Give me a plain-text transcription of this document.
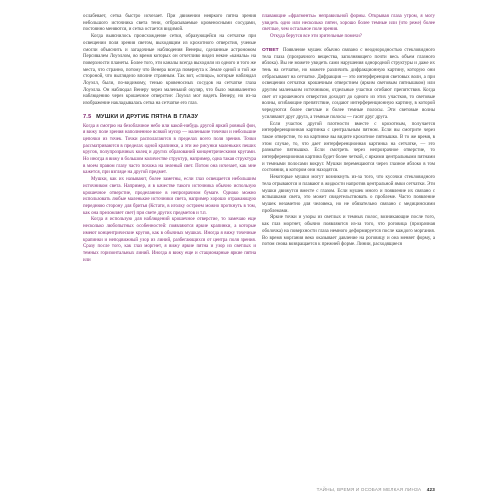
ослабевает, сетка быстро исчезает. При движении неяркого пятна зрения небольшого источника света тени, отбрасываемые кровеносными сосудами, постоянно меняются, и сетка остается видимой.

Когда выяснилось происхождение сетки, образующейся на сетчатке при освещении поля зрения светом, выходящим из крохотного отверстия, ученые смогли объяснить и загадочные наблюдения Венеры, сделанные астрономом Персивалем Лоуэллом, во время которых он отчетливо видел некие «каналы» на поверхности планеты. Более того, эти каналы всегда выходили из одного и того же места, что странно, потому что Венера всегда повернута к Земле одной и той же стороной, что выглядело вполне странным. Так вот, «спицы», которые наблюдал Лоуэлл, были, по-видимому, тенью кровеносных сосудов на сетчатке глаза Лоуэлла. Он наблюдал Венеру через маленький окуляр, что было эквивалентно наблюдению через крошечное отверстие: Лоуэлл мог видеть Венеру, но из-за изображение накладывалась сетка на сетчатке его глаз.

7.5 МУШКИ И ДРУГИЕ ПЯТНА В ГЛАЗУ

Когда я смотрю на безоблачное небо или какой-нибудь другой яркий ровный фон, я вижу поле зрения наполненное всякой мусор — маленькие точечки и небольшие цепочки из точек. Точки располагаются в пределах всего поля зрения. Точки рассматриваются в пределах одной крапинки, а эти же рисунки маленьких пеших кругов, полупрозрачных колец и других образований концентрическими кругами. Но иногда я вижу в большом количестве структур, например, одна такая структура в моем правом глазу часто похожа на зеленый свет. Потом она исчезает, как мне кажется, при взгляде на другой предмет.

Мушки, как их называют, более заметны, если глаз освещается небольшим источником света. Например, я в качестве такого источника обычно использую крошечное отверстие, проделанное в непрозрачном бумаге. Однако можно использовать любые маленькие источники света, например хорошо отражающую переднюю сторону для бритья (Кстати, в иголку острием можно проткнуть в том, как она преломляет свет) при свете других предметов и т.п.

Когда я использую для наблюдений крошечное отверстие, то замечаю еще несколько любопытных особенностей: появляются яркие крапинки, а которые имеют концентрические кругов, как в обычных мушках. Иногда я вижу точечные крапинки и неподвижный узор из линий, разбегающихся от центра поля зрения. Сразу после того, как глаз моргнет, я вижу яркие пятна и узор из светлых и темных горизонтальных линий. Иногда я вижу еще и стационарные яркие пятна или

плавающие «фрагменты» неправильной формы. Открывая глаза утром, я могу увидеть одно или несколько пятен, хорошо более темные или (что реже) более светлые, чем остальное поле зрения.

Откуда берутся все эти зрительные помехи?

ОТВЕТ Появление мушек обычно связано с неоднородностью стекловидного тела глаза (прозрачного вещества, заполняющего почти весь объем глазного яблока). Вы не можете увидеть сами нарушения однородной структуры и даже их тень на сетчатке, но можете различить дифракционную картину, которую они отбрасывают на сетчатке. Дифракция — это интерференция световых волн, а при освещении сетчатки крошечным отверстием (ярким световым пятнышком) или другим маленьким источником, отдельные участки огибают препятствия. Когда свет от крошечного отверстия доходит до одного из этих участков, то световые волны, огибающие препятствие, создают интерференционную картину, в которой чередуются более светлые и более темные полосы. Эти световые волны усиливают друг друга, а темные полосы — гасят друг друга.

Если участок другой плотности вместе с крохотным, получается интерференционная картинка с центральным пятном. Если вы смотрите через такое отверстие, то на картинке вы видите крохотное пятнышко. В то же время, в этом случае, то, что дает интерференционная картинка на сетчатке, — это размытое пятнышко. Если смотреть через непрозрачное отверстие, то интерференционная картина будет более четкой, с яркими центральными пятнами и темными полосами вокруг. Мушки перемещаются через глазное яблоко в том состоянии, в котором они находятся.

Некоторые мушки могут возникнуть из-за того, что кусочки стекловидного тела отрываются и плавают в жидкости напротив центральной ямки сетчатки. Эти мушки движутся вместе с глазом. Если мушек много и появление их связано с вспышками света, это может свидетельствовать о проблеме. Часто появление мушек незаметно для человека, но не обязательно связано с медицинскими проблемами.

Яркие точки и узоры из светлых и темных полос, возникающие после того, как глаз моргнет, обычно появляются из-за того, что роговица (прозрачная оболочка) на поверхности глаза немного деформируется после каждого моргания. Во время моргания веко оказывает давление на роговицу и она меняет форму, а потом снова возвращается к прежней форме. Линии, расходящиеся

ТАЙНЫ, ВРЕМЯ И ОСОБАЯ МЕЛКАЯ ЛИНЗА 423
